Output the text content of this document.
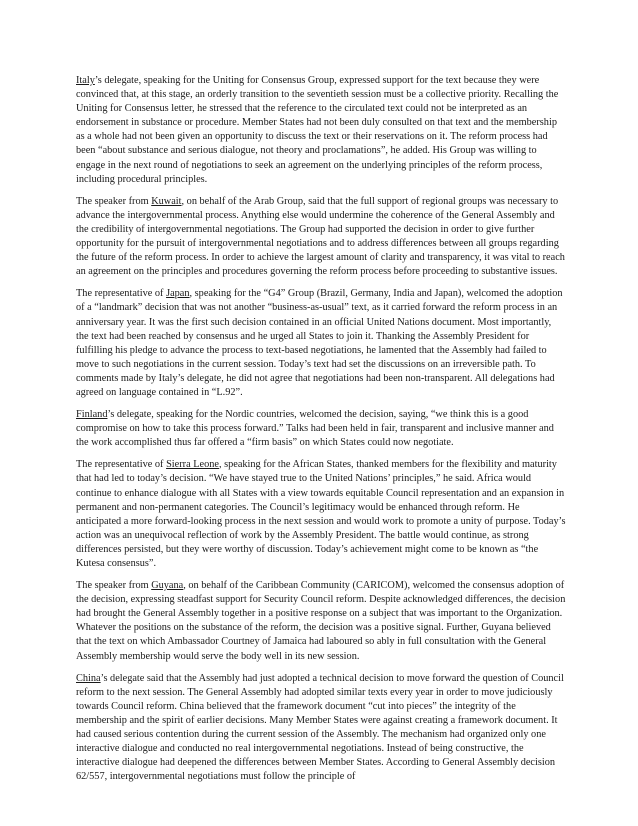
Italy’s delegate, speaking for the Uniting for Consensus Group, expressed support for the text because they were convinced that, at this stage, an orderly transition to the seventieth session must be a collective priority. Recalling the Uniting for Consensus letter, he stressed that the reference to the circulated text could not be interpreted as an endorsement in substance or procedure. Member States had not been duly consulted on that text and the membership as a whole had not been given an opportunity to discuss the text or their reservations on it. The reform process had been “about substance and serious dialogue, not theory and proclamations”, he added. His Group was willing to engage in the next round of negotiations to seek an agreement on the underlying principles of the reform process, including procedural principles.

The speaker from Kuwait, on behalf of the Arab Group, said that the full support of regional groups was necessary to advance the intergovernmental process. Anything else would undermine the coherence of the General Assembly and the credibility of intergovernmental negotiations. The Group had supported the decision in order to give further opportunity for the pursuit of intergovernmental negotiations and to address differences between all groups regarding the future of the reform process. In order to achieve the largest amount of clarity and transparency, it was vital to reach an agreement on the principles and procedures governing the reform process before proceeding to substantive issues.

The representative of Japan, speaking for the “G4” Group (Brazil, Germany, India and Japan), welcomed the adoption of a “landmark” decision that was not another “business-as-usual” text, as it carried forward the reform process in an anniversary year. It was the first such decision contained in an official United Nations document. Most importantly, the text had been reached by consensus and he urged all States to join it. Thanking the Assembly President for fulfilling his pledge to advance the process to text-based negotiations, he lamented that the Assembly had failed to move to such negotiations in the current session. Today’s text had set the discussions on an irreversible path. To comments made by Italy’s delegate, he did not agree that negotiations had been non-transparent. All delegations had agreed on language contained in “L.92”.

Finland’s delegate, speaking for the Nordic countries, welcomed the decision, saying, “we think this is a good compromise on how to take this process forward.” Talks had been held in fair, transparent and inclusive manner and the work accomplished thus far offered a “firm basis” on which States could now negotiate.

The representative of Sierra Leone, speaking for the African States, thanked members for the flexibility and maturity that had led to today’s decision. “We have stayed true to the United Nations’ principles,” he said. Africa would continue to enhance dialogue with all States with a view towards equitable Council representation and an expansion in permanent and non-permanent categories. The Council’s legitimacy would be enhanced through reform. He anticipated a more forward-looking process in the next session and would work to promote a unity of purpose. Today’s action was an unequivocal reflection of work by the Assembly President. The battle would continue, as strong differences persisted, but they were worthy of discussion. Today’s achievement might come to be known as “the Kutesa consensus”.

The speaker from Guyana, on behalf of the Caribbean Community (CARICOM), welcomed the consensus adoption of the decision, expressing steadfast support for Security Council reform. Despite acknowledged differences, the decision had brought the General Assembly together in a positive response on a subject that was important to the Organization. Whatever the positions on the substance of the reform, the decision was a positive signal. Further, Guyana believed that the text on which Ambassador Courtney of Jamaica had laboured so ably in full consultation with the General Assembly membership would serve the body well in its new session.

China’s delegate said that the Assembly had just adopted a technical decision to move forward the question of Council reform to the next session. The General Assembly had adopted similar texts every year in order to move judiciously towards Council reform. China believed that the framework document “cut into pieces” the integrity of the membership and the spirit of earlier decisions. Many Member States were against creating a framework document. It had caused serious contention during the current session of the Assembly. The mechanism had organized only one interactive dialogue and conducted no real intergovernmental negotiations. Instead of being constructive, the interactive dialogue had deepened the differences between Member States. According to General Assembly decision 62/557, intergovernmental negotiations must follow the principle of
